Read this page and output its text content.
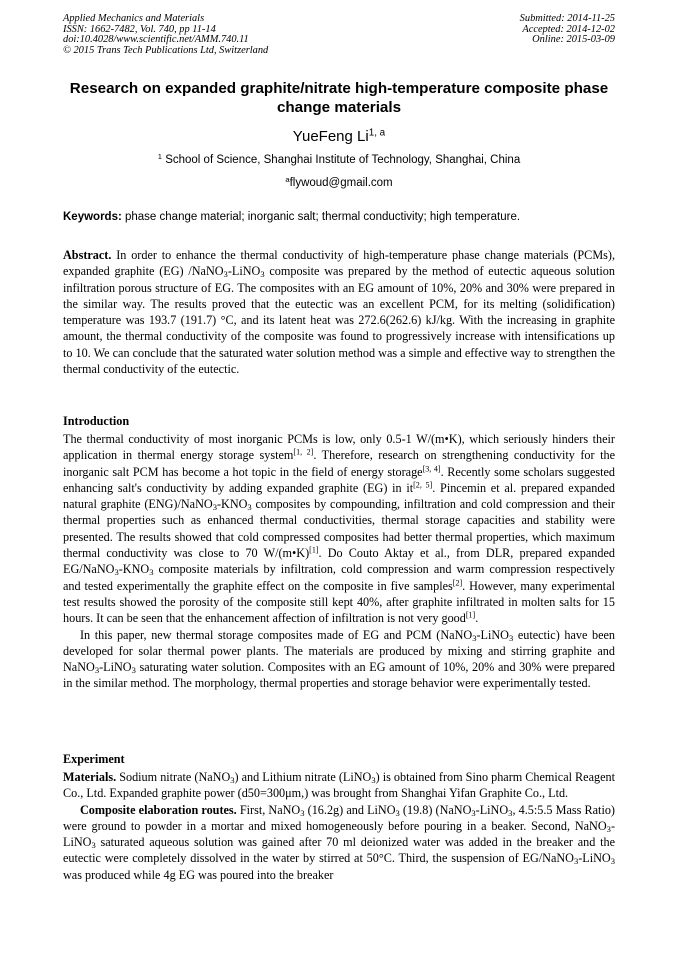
Applied Mechanics and Materials
ISSN: 1662-7482, Vol. 740, pp 11-14
doi:10.4028/www.scientific.net/AMM.740.11
© 2015 Trans Tech Publications Ltd, Switzerland
Submitted: 2014-11-25
Accepted: 2014-12-02
Online: 2015-03-09
Research on expanded graphite/nitrate high-temperature composite phase change materials
YueFeng Li$^{1, a}$
$^1$ School of Science, Shanghai Institute of Technology, Shanghai, China
$^a$flywoud@gmail.com
Keywords: phase change material; inorganic salt; thermal conductivity; high temperature.

Abstract. In order to enhance the thermal conductivity of high-temperature phase change materials (PCMs), expanded graphite (EG) /NaNO$_3$-LiNO$_3$ composite was prepared by the method of eutectic aqueous solution infiltration porous structure of EG. The composites with an EG amount of 10%, 20% and 30% were prepared in the similar way. The results proved that the eutectic was an excellent PCM, for its melting (solidification) temperature was 193.7 (191.7) °C, and its latent heat was 272.6(262.6) kJ/kg. With the increasing in graphite amount, the thermal conductivity of the composite was found to progressively increase with intensifications up to 10. We can conclude that the saturated water solution method was a simple and effective way to strengthen the thermal conductivity of the eutectic.

Introduction

The thermal conductivity of most inorganic PCMs is low, only 0.5-1 W/(m•K), which seriously hinders their application in thermal energy storage system[1, 2]. Therefore, research on strengthening conductivity for the inorganic salt PCM has become a hot topic in the field of energy storage[3, 4]. Recently some scholars suggested enhancing salt's conductivity by adding expanded graphite (EG) in it[2, 5]. Pincemin et al. prepared expanded natural graphite $(ENG)/NaNO_3-KNO_3$ composites by compounding, infiltration and cold compression and their thermal properties such as enhanced thermal conductivities, thermal storage capacities and stability were presented. The results showed that cold compressed composites had better thermal properties, which maximum thermal conductivity was close to 70 W/(m•K)[1]. Do Couto Aktay et al., from DLR, prepared expanded $EG/NaNO_3-KNO_3$ composite materials by infiltration, cold compression and warm compression respectively and tested experimentally the graphite effect on the composite in five samples[2]. However, many experimental test results showed the porosity of the composite still kept 40%, after graphite infiltrated in molten salts for 15 hours. It can be seen that the enhancement affection of infiltration is not very good[1].

In this paper, new thermal storage composites made of EG and PCM (NaNO$_3$-LiNO$_3$ eutectic) have been developed for solar thermal power plants. The materials are produced by mixing and stirring graphite and NaNO$_3$-LiNO$_3$ saturating water solution. Composites with an EG amount of 10%, 20% and 30% were prepared in the similar method. The morphology, thermal properties and storage behavior were experimentally tested.

Experiment

Materials. Sodium nitrate (NaNO$_3$) and Lithium nitrate (LiNO$_3$) is obtained from Sino pharm Chemical Reagent Co., Ltd. Expanded graphite power (d50=300μm,) was brought from Shanghai Yifan Graphite Co., Ltd.

Composite elaboration routes. First, NaNO$_3$ (16.2g) and LiNO$_3$ (19.8) (NaNO$_3$-LiNO$_3$, 4.5:5.5 Mass Ratio) were ground to powder in a mortar and mixed homogeneously before pouring in a beaker. Second, NaNO$_3$-LiNO$_3$ saturated aqueous solution was gained after 70 ml deionized water was added in the breaker and the eutectic were completely dissolved in the water by stirred at 50°C. Third, the suspension of EG/NaNO$_3$-LiNO$_3$ was produced while 4g EG was poured into the breaker
